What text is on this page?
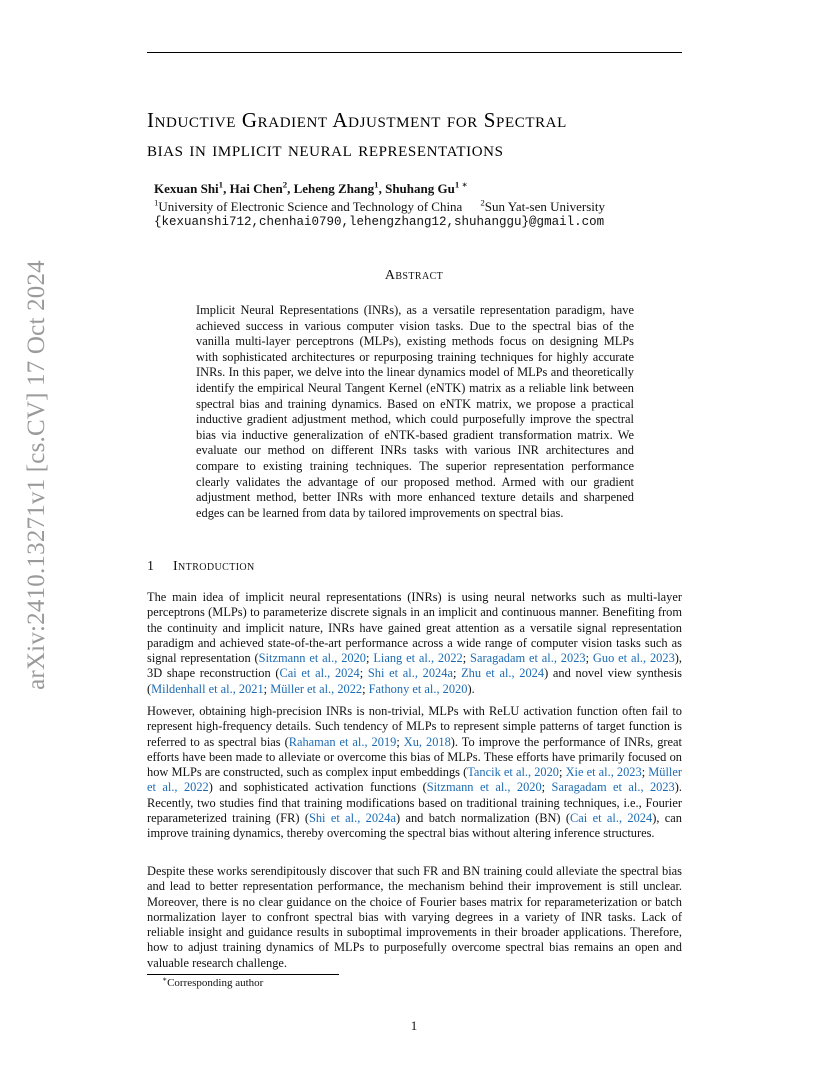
arXiv:2410.13271v1 [cs.CV] 17 Oct 2024
Inductive Gradient Adjustment for Spectral
bias in implicit neural representations
Kexuan Shi$^1$, Hai Chen$^2$, Leheng Zhang$^1$, Shuhang $Gu^{1 ∗}$
$^1$University of Electronic Science and Technology of China $^2$Sun Yat-sen University
{kexuanshi712,chenhai0790,lehengzhang12,shuhanggu}@gmail.com
Abstract
Implicit Neural Representations (INRs), as a versatile representation paradigm, have achieved success in various computer vision tasks. Due to the spectral bias of the vanilla multi-layer perceptrons (MLPs), existing methods focus on designing MLPs with sophisticated architectures or repurposing training techniques for highly accurate INRs. In this paper, we delve into the linear dynamics model of MLPs and theoretically identify the empirical Neural Tangent Kernel (eNTK) matrix as a reliable link between spectral bias and training dynamics. Based on eNTK matrix, we propose a practical inductive gradient adjustment method, which could purposefully improve the spectral bias via inductive generalization of eNTK-based gradient transformation matrix. We evaluate our method on different INRs tasks with various INR architectures and compare to existing training techniques. The superior representation performance clearly validates the advantage of our proposed method. Armed with our gradient adjustment method, better INRs with more enhanced texture details and sharpened edges can be learned from data by tailored improvements on spectral bias.
1 Introduction
The main idea of implicit neural representations (INRs) is using neural networks such as multi-layer perceptrons (MLPs) to parameterize discrete signals in an implicit and continuous manner. Benefiting from the continuity and implicit nature, INRs have gained great attention as a versatile signal representation paradigm and achieved state-of-the-art performance across a wide range of computer vision tasks such as signal representation (Sitzmann et al., 2020; Liang et al., 2022; Saragadam et al., 2023; Guo et al., 2023), 3D shape reconstruction (Cai et al., 2024; Shi et al., 2024a; Zhu et al., 2024) and novel view synthesis (Mildenhall et al., 2021; Müller et al., 2022; Fathony et al., 2020).
However, obtaining high-precision INRs is non-trivial, MLPs with ReLU activation function often fail to represent high-frequency details. Such tendency of MLPs to represent simple patterns of target function is referred to as spectral bias (Rahaman et al., 2019; Xu, 2018). To improve the performance of INRs, great efforts have been made to alleviate or overcome this bias of MLPs. These efforts have primarily focused on how MLPs are constructed, such as complex input embeddings (Tancik et al., 2020; Xie et al., 2023; Müller et al., 2022) and sophisticated activation functions (Sitzmann et al., 2020; Saragadam et al., 2023). Recently, two studies find that training modifications based on traditional training techniques, i.e., Fourier reparameterized training (FR) (Shi et al., 2024a) and batch normalization (BN) (Cai et al., 2024), can improve training dynamics, thereby overcoming the spectral bias without altering inference structures.
Despite these works serendipitously discover that such FR and BN training could alleviate the spectral bias and lead to better representation performance, the mechanism behind their improvement is still unclear. Moreover, there is no clear guidance on the choice of Fourier bases matrix for reparameterization or batch normalization layer to confront spectral bias with varying degrees in a variety of INR tasks. Lack of reliable insight and guidance results in suboptimal improvements in their broader applications. Therefore, how to adjust training dynamics of MLPs to purposefully overcome spectral bias remains an open and valuable research challenge.
∗Corresponding author
1
